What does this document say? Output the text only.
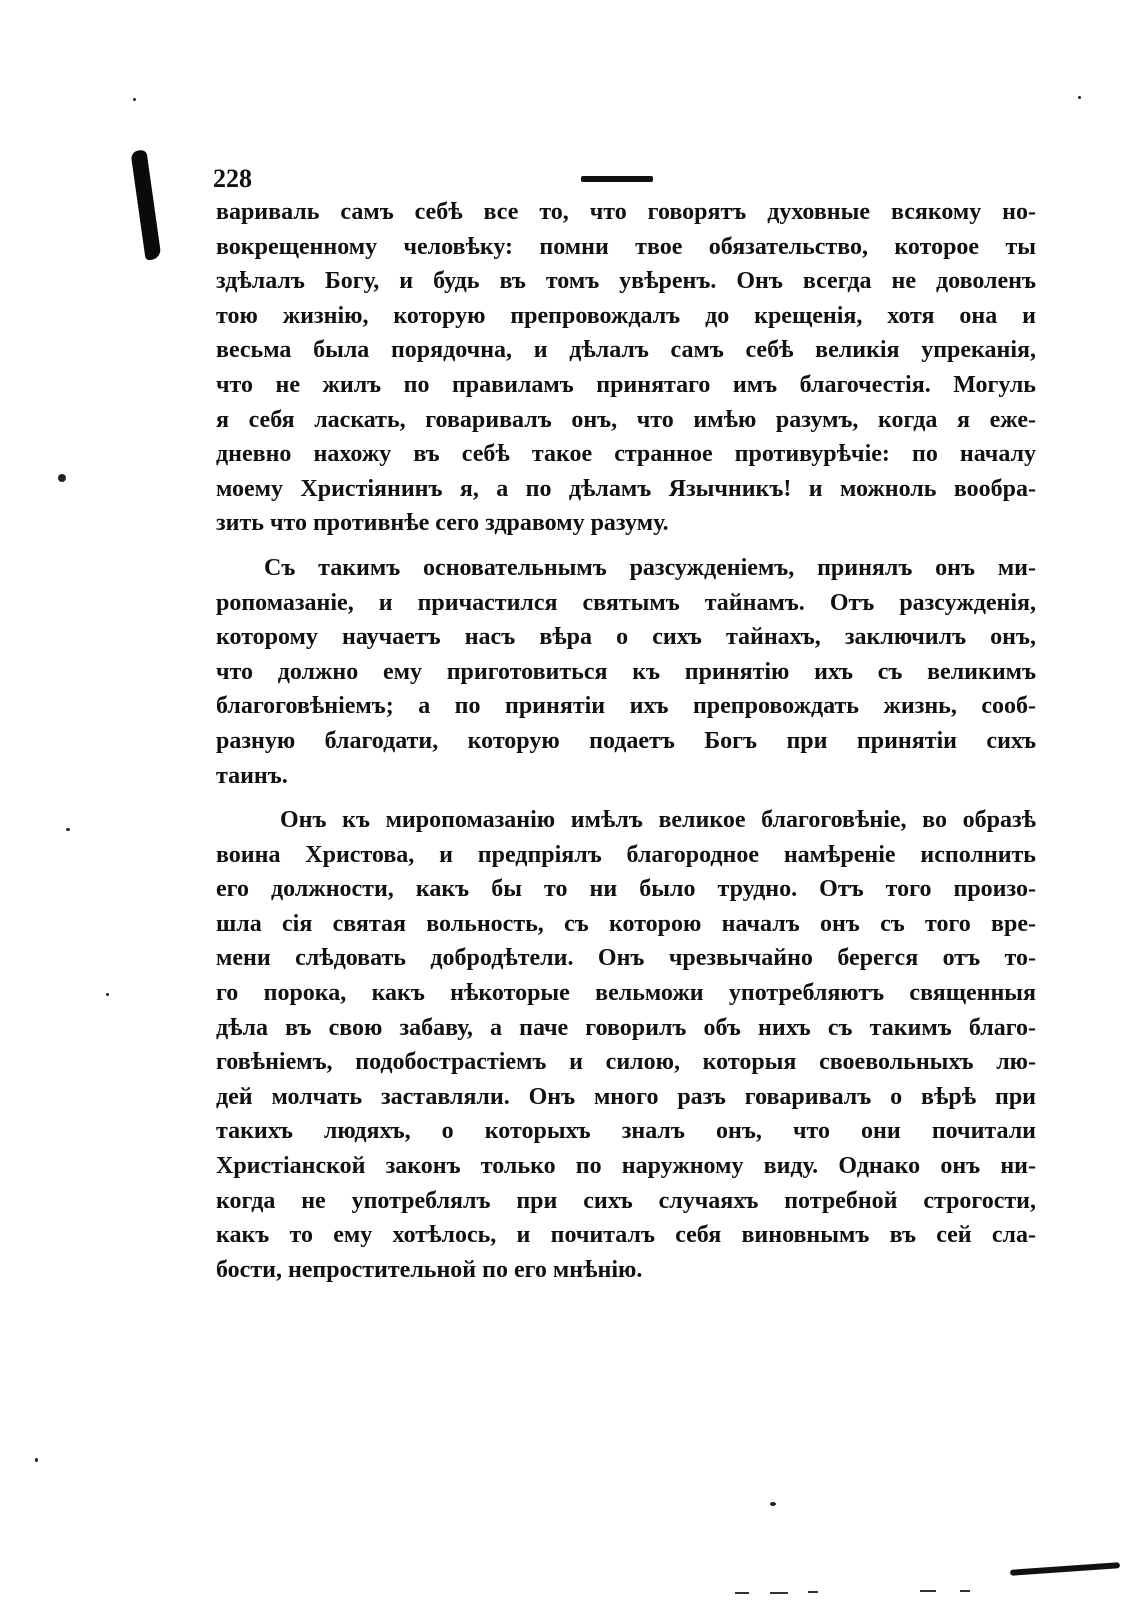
228
вариваль самъ себѣ все то, что говорятъ духовные всякому но-
вокрещенному человѣку: помни твое обязательство, которое ты
здѣлалъ Богу, и будь въ томъ увѣренъ. Онъ всегда не доволенъ
тою жизнію, которую препровождалъ до крещенія, хотя она и
весьма была порядочна, и дѣлалъ самъ себѣ великія упреканія,
что не жилъ по правиламъ принятаго имъ благочестія. Могуль
я себя ласкать, говаривалъ онъ, что имѣю разумъ, когда я еже-
дневно нахожу въ себѣ такое странное противурѣчіе: по началу
моему Христіянинъ я, а по дѣламъ Язычникъ! и можноль вообра-
зить что противнѣе сего здравому разуму.
Съ такимъ основательнымъ разсужденіемъ, принялъ онъ ми-
ропомазаніе, и причастился святымъ тайнамъ. Отъ разсужденія,
которому научаетъ насъ вѣра о сихъ тайнахъ, заключилъ онъ,
что должно ему приготовиться къ принятію ихъ съ великимъ
благоговѣніемъ; а по принятіи ихъ препровождать жизнь, сооб-
разную благодати, которую подаетъ Богъ при принятіи сихъ
таинъ.
Онъ къ миропомазанію имѣлъ великое благоговѣніе, во образѣ
воина Христова, и предпріялъ благородное намѣреніе исполнить
его должности, какъ бы то ни было трудно. Отъ того произо-
шла сія святая вольность, съ которою началъ онъ съ того вре-
мени слѣдовать добродѣтели. Онъ чрезвычайно берегся отъ то-
го порока, какъ нѣкоторые вельможи употребляютъ священныя
дѣла въ свою забаву, а паче говорилъ объ нихъ съ такимъ благо-
говѣніемъ, подобострастіемъ и силою, которыя своевольныхъ лю-
дей молчать заставляли. Онъ много разъ говаривалъ о вѣрѣ при
такихъ людяхъ, о которыхъ зналъ онъ, что они почитали
Христіанской законъ только по наружному виду. Однако онъ ни-
когда не употреблялъ при сихъ случаяхъ потребной строгости,
какъ то ему хотѣлось, и почиталъ себя виновнымъ въ сей сла-
бости, непростительной по его мнѣнію.
